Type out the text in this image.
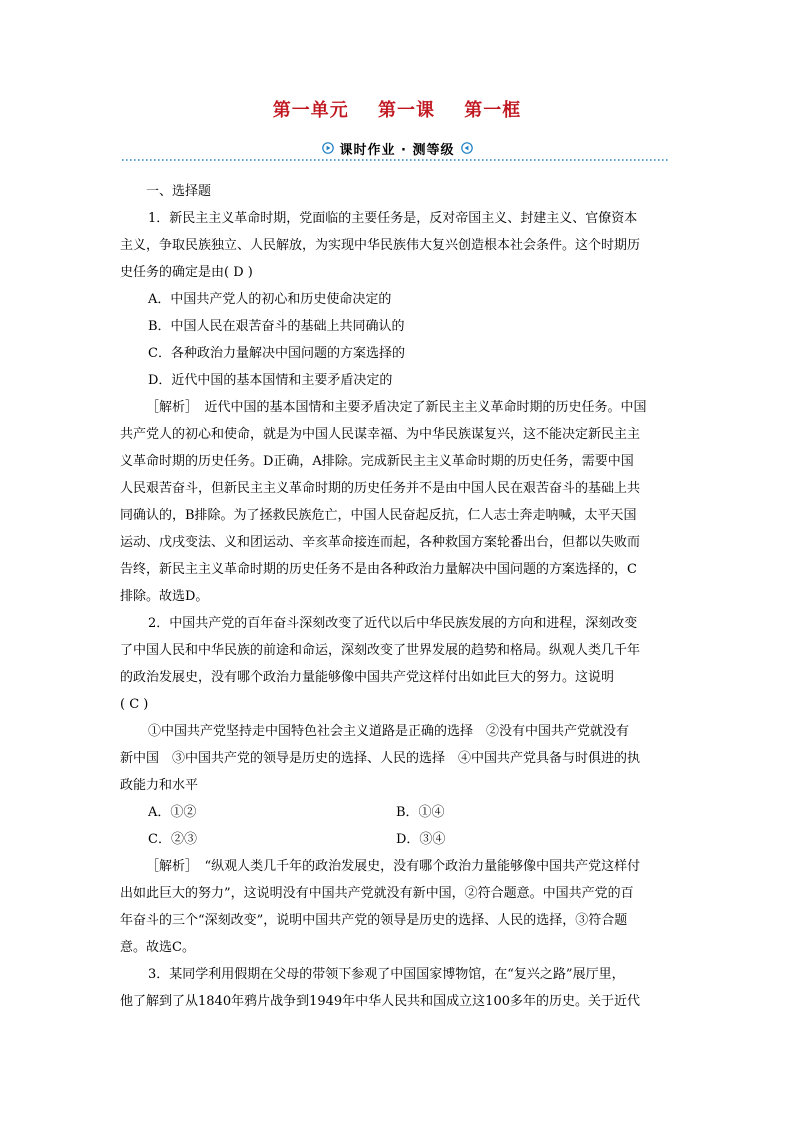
第一单元 第一课 第一框
课时作业 · 测等级
一、选择题
1．新民主主义革命时期，党面临的主要任务是，反对帝国主义、封建主义、官僚资本
主义，争取民族独立、人民解放，为实现中华民族伟大复兴创造根本社会条件。这个时期历
史任务的确定是由( D )
A．中国共产党人的初心和历史使命决定的
B．中国人民在艰苦奋斗的基础上共同确认的
C．各种政治力量解决中国问题的方案选择的
D．近代中国的基本国情和主要矛盾决定的
［解析］　近代中国的基本国情和主要矛盾决定了新民主主义革命时期的历史任务。中国
共产党人的初心和使命，就是为中国人民谋幸福、为中华民族谋复兴，这不能决定新民主主
义革命时期的历史任务。D正确，A排除。完成新民主主义革命时期的历史任务，需要中国
人民艰苦奋斗，但新民主主义革命时期的历史任务并不是由中国人民在艰苦奋斗的基础上共
同确认的，B排除。为了拯救民族危亡，中国人民奋起反抗，仁人志士奔走呐喊，太平天国
运动、戊戌变法、义和团运动、辛亥革命接连而起，各种救国方案轮番出台，但都以失败而
告终，新民主主义革命时期的历史任务不是由各种政治力量解决中国问题的方案选择的，C
排除。故选D。
2．中国共产党的百年奋斗深刻改变了近代以后中华民族发展的方向和进程，深刻改变
了中国人民和中华民族的前途和命运，深刻改变了世界发展的趋势和格局。纵观人类几千年
的政治发展史，没有哪个政治力量能够像中国共产党这样付出如此巨大的努力。这说明
( C )
①中国共产党坚持走中国特色社会主义道路是正确的选择　②没有中国共产党就没有
新中国　③中国共产党的领导是历史的选择、人民的选择　④中国共产党具备与时俱进的执
政能力和水平
A．①②	B．①④
C．②③	D．③④
［解析］　“纵观人类几千年的政治发展史，没有哪个政治力量能够像中国共产党这样付
出如此巨大的努力”，这说明没有中国共产党就没有新中国，②符合题意。中国共产党的百
年奋斗的三个“深刻改变”，说明中国共产党的领导是历史的选择、人民的选择，③符合题
意。故选C。
3．某同学利用假期在父母的带领下参观了中国国家博物馆，在“复兴之路”展厅里，
他了解到了从1840年鸦片战争到1949年中华人民共和国成立这100多年的历史。关于近代
